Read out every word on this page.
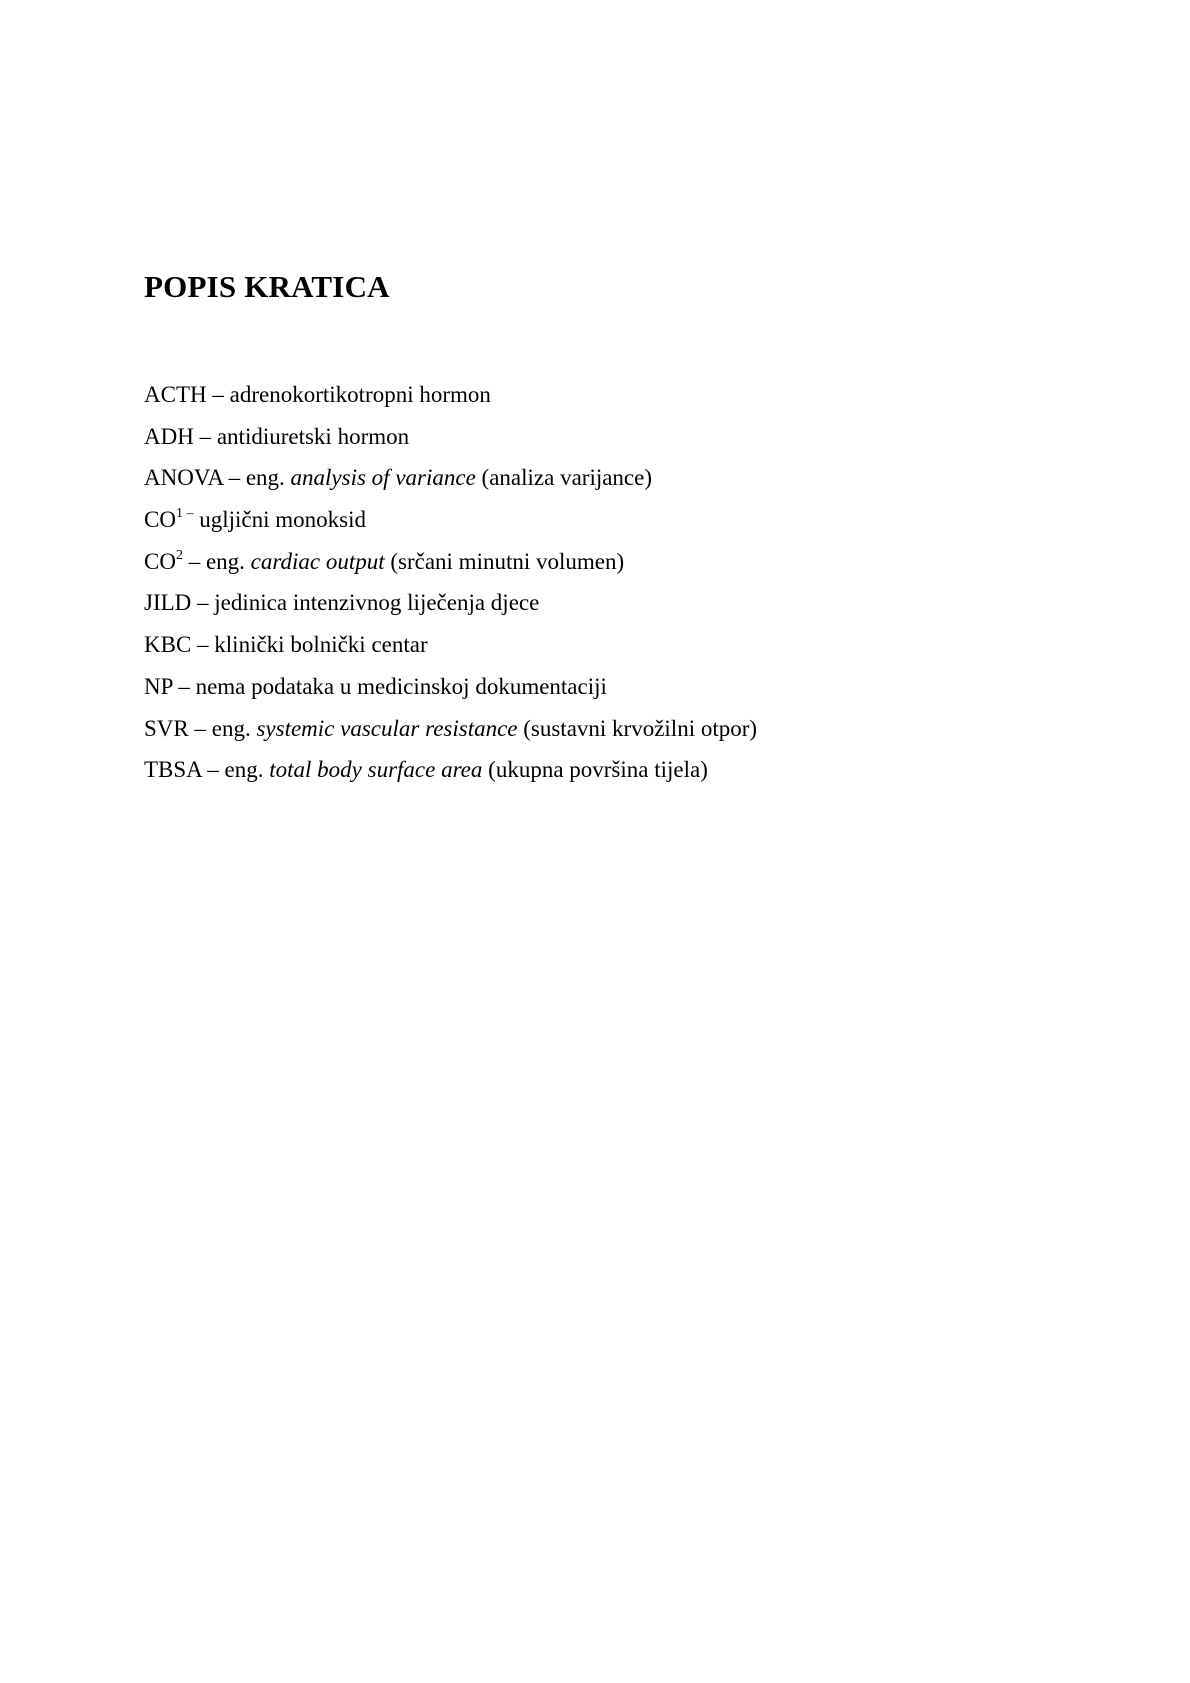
POPIS KRATICA
ACTH – adrenokortikotropni hormon
ADH – antidiuretski hormon
ANOVA – eng. analysis of variance (analiza varijance)
$CO^{1 -}$ ugljični monoksid
$CO^2$ – eng. cardiac output (srčani minutni volumen)
JILD – jedinica intenzivnog liječenja djece
KBC – klinički bolnički centar
NP – nema podataka u medicinskoj dokumentaciji
SVR – eng. systemic vascular resistance (sustavni krvožilni otpor)
TBSA – eng. total body surface area (ukupna površina tijela)
